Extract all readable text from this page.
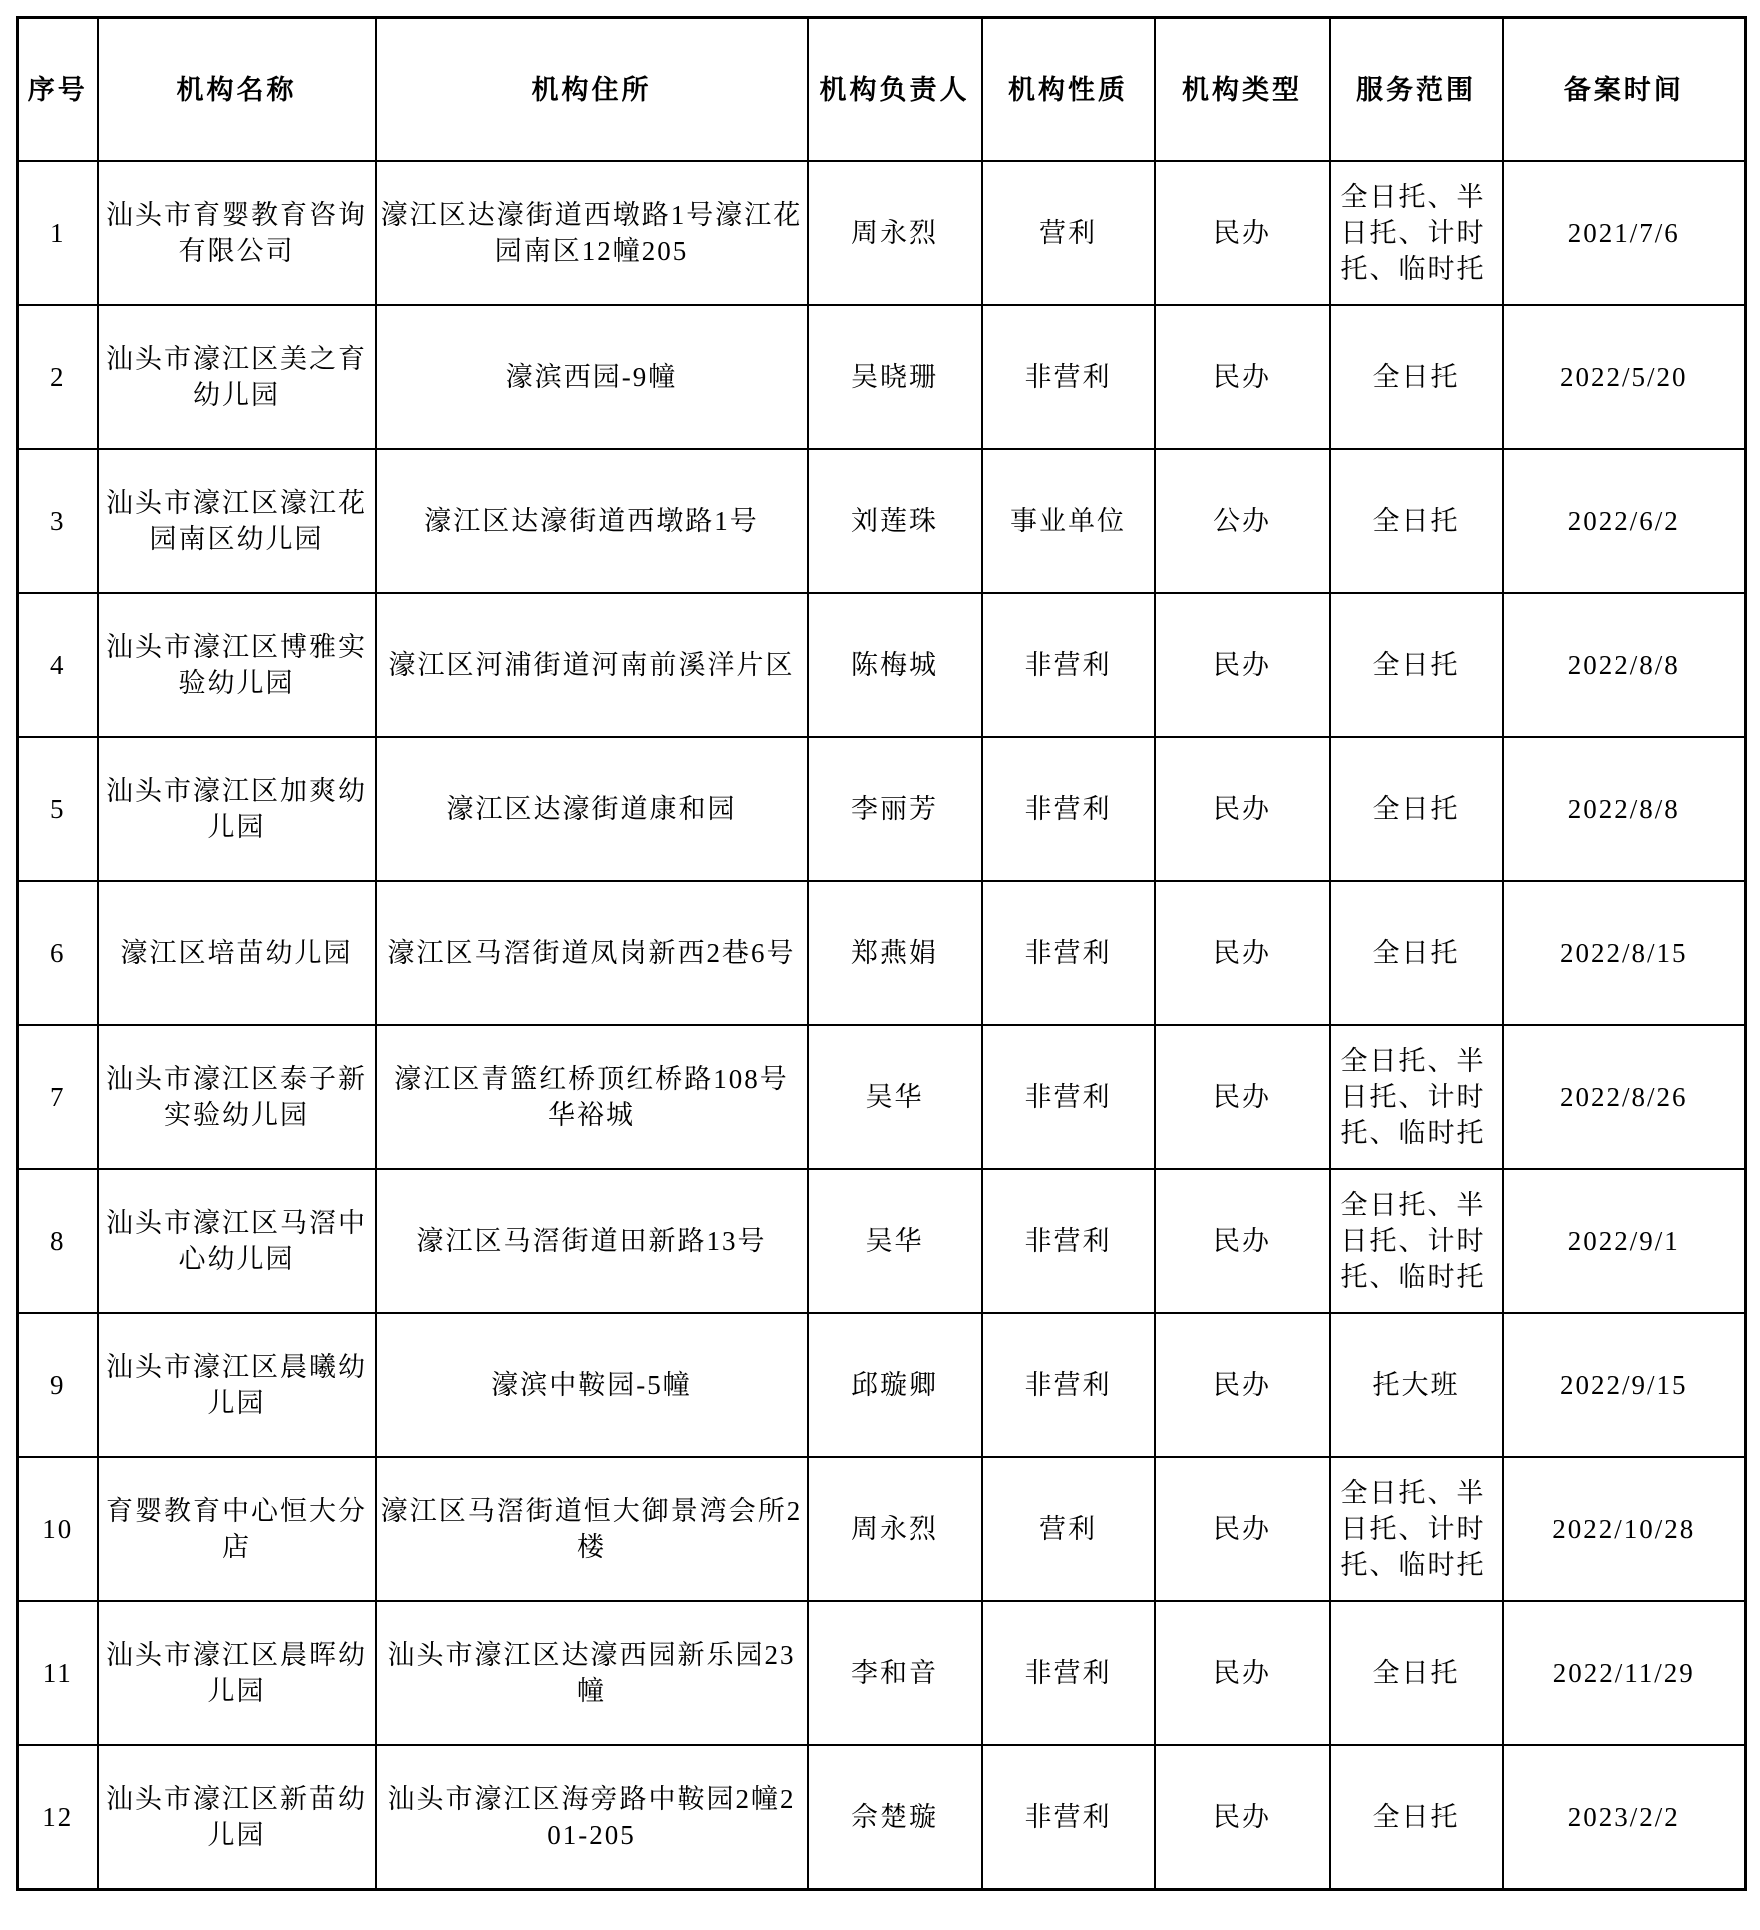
序号	机构名称	机构住所	机构负责人	机构性质	机构类型	服务范围	备案时间
1	汕头市育婴教育咨询有限公司	濠江区达濠街道西墩路1号濠江花园南区12幢205	周永烈	营利	民办	全日托、半日托、计时托、临时托	2021/7/6
2	汕头市濠江区美之育幼儿园	濠滨西园-9幢	吴晓珊	非营利	民办	全日托	2022/5/20
3	汕头市濠江区濠江花园南区幼儿园	濠江区达濠街道西墩路1号	刘莲珠	事业单位	公办	全日托	2022/6/2
4	汕头市濠江区博雅实验幼儿园	濠江区河浦街道河南前溪洋片区	陈梅城	非营利	民办	全日托	2022/8/8
5	汕头市濠江区加爽幼儿园	濠江区达濠街道康和园	李丽芳	非营利	民办	全日托	2022/8/8
6	濠江区培苗幼儿园	濠江区马滘街道凤岗新西2巷6号	郑燕娟	非营利	民办	全日托	2022/8/15
7	汕头市濠江区泰子新实验幼儿园	濠江区青篮红桥顶红桥路108号华裕城	吴华	非营利	民办	全日托、半日托、计时托、临时托	2022/8/26
8	汕头市濠江区马滘中心幼儿园	濠江区马滘街道田新路13号	吴华	非营利	民办	全日托、半日托、计时托、临时托	2022/9/1
9	汕头市濠江区晨曦幼儿园	濠滨中鞍园-5幢	邱璇卿	非营利	民办	托大班	2022/9/15
10	育婴教育中心恒大分店	濠江区马滘街道恒大御景湾会所2楼	周永烈	营利	民办	全日托、半日托、计时托、临时托	2022/10/28
11	汕头市濠江区晨晖幼儿园	汕头市濠江区达濠西园新乐园23幢	李和音	非营利	民办	全日托	2022/11/29
12	汕头市濠江区新苗幼儿园	汕头市濠江区海旁路中鞍园2幢201-205	佘楚璇	非营利	民办	全日托	2023/2/2
